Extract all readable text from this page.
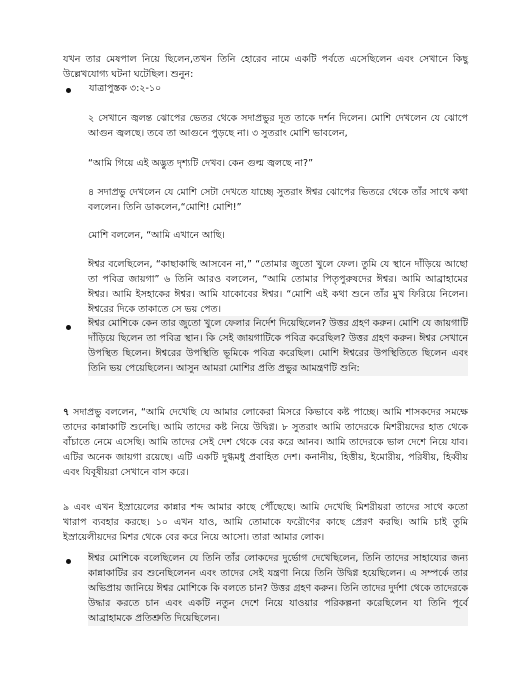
যখন তার মেষপাল নিয়ে ছিলেন,তখন তিনি হোরেব নামে একটি পর্বতে এসেছিলেন এবং সেখানে কিছু উল্লেখযোগ্য ঘটনা ঘটেছিল। শুনুন:

যাত্রাপুস্তক ৩:২-১০

২ সেখানে জ্বলন্ত ঝোপের ভেতর থেকে সদাপ্রভুর দূত তাকে দর্শন দিলেন। মোশি দেখলেন যে ঝোপে আগুন জ্বলছে। তবে তা আগুনে পুড়ছে না। ৩ সুতরাং মোশি ভাবলেন,

“আমি গিয়ে এই অদ্ভুত দৃশ্যটি দেখব। কেন গুল্ম জ্বলছে না?”

৪ সদাপ্রভু দেখলেন যে মোশি সেটা দেখতে যাচ্ছে৷ সুতরাং ঈশ্বর ঝোপের ভিতরে থেকে তাঁর সাথে কথা বললেন। তিনি ডাকলেন,“মোশি! মোশি!”

মোশি বললেন, “আমি এখানে আছি।

ঈশ্বর বলেছিলেন, “কাছাকাছি আসবেন না,” “তোমার জুতো খুলে ফেল। তুমি যে স্থানে দাঁড়িয়ে আছো তা পবিত্র জায়গা” ৬ তিনি আরও বললেন, “আমি তোমার পিতৃপুরুষদের ঈশ্বর। আমি আব্রাহামের ঈশ্বর। আমি ইসহাকের ঈশ্বর। আমি যাকোবের ঈশ্বর। “মোশি এই কথা শুনে তাঁর মুখ ফিরিয়ে নিলেন। ঈশ্বরের দিকে তাকাতে সে ভয় পেত।

ঈশ্বর মোশিকে কেন তার জুতো খুলে ফেলার নির্দেশ দিয়েছিলেন? উত্তর গ্রহণ করুন। মোশি যে জায়গাটি দাঁড়িয়ে ছিলেন তা পবিত্র স্থান। কি সেই জায়গাটিকে পবিত্র করেছিল? উত্তর গ্রহণ করুন। ঈশ্বর সেখানে উপস্থিত ছিলেন। ঈশ্বরের উপস্থিতি ভূমিকে পবিত্র করেছিল। মোশি ঈশ্বরের উপস্থিতিতে ছিলেন এবং তিনি ভয় পেয়েছিলেন। আসুন আমরা মোশির প্রতি প্রভুর আমন্ত্রণটি শুনি:

৭ সদাপ্রভু বললেন, “আমি দেখেছি যে আমার লোকেরা মিসরে কিভাবে কষ্ট পাচ্ছে। আমি শাসকদের সমক্ষে তাদের কান্নাকাটি শুনেছি। আমি তাদের কষ্ট নিয়ে উদ্বিগ্ন। ৮ সুতরাং আমি তাদেরকে মিশরীয়দের হাত থেকে বাঁচাতে নেমে এসেছি। আমি তাদের সেই দেশ থেকে বের করে আনব। আমি তাদেরকে ভাল দেশে নিয়ে যাব। এটির অনেক জায়গা রয়েছে। এটি একটি দুগ্ধমধু প্রবাহিত দেশ। কনানীয়, হিত্তীয়, ইমোরীয়, পরিষীয়, হিব্বীয় এবং যিবূষীয়রা সেখানে বাস করে।

৯ এবং এখন ইস্রায়েলের কান্নার শব্দ আমার কাছে পৌঁছেছে। আমি দেখেছি মিশরীয়রা তাদের সাথে কতো খারাপ ব্যবহার করছে। ১০ এখন যাও, আমি তোমাকে ফরৌণের কাছে প্রেরণ করছি। আমি চাই তুমি ইস্রায়েলীয়দের মিশর থেকে বের করে নিয়ে আসো। তারা আমার লোক।

ঈশ্বর মোশিকে বলেছিলেন যে তিনি তাঁর লোকদের দুর্ভোগ দেখেছিলেন, তিনি তাদের সাহায্যের জন্য কান্নাকাটির রব শুনেছিলেনন এবং তাদের সেই যন্ত্রণা নিয়ে তিনি উদ্বিগ্ন হয়েছিলেন। এ সম্পর্কে তার অভিপ্রায় জানিয়ে ঈশ্বর মোশিকে কি বলতে চান? উত্তর গ্রহণ করুন। তিনি তাদের দুর্দশা থেকে তাদেরকে উদ্ধার করতে চান এবং একটি নতুন দেশে নিয়ে যাওয়ার পরিকল্পনা করেছিলেন যা তিনি পূর্বে আব্রাহামকে প্রতিশ্রুতি দিয়েছিলেন।
